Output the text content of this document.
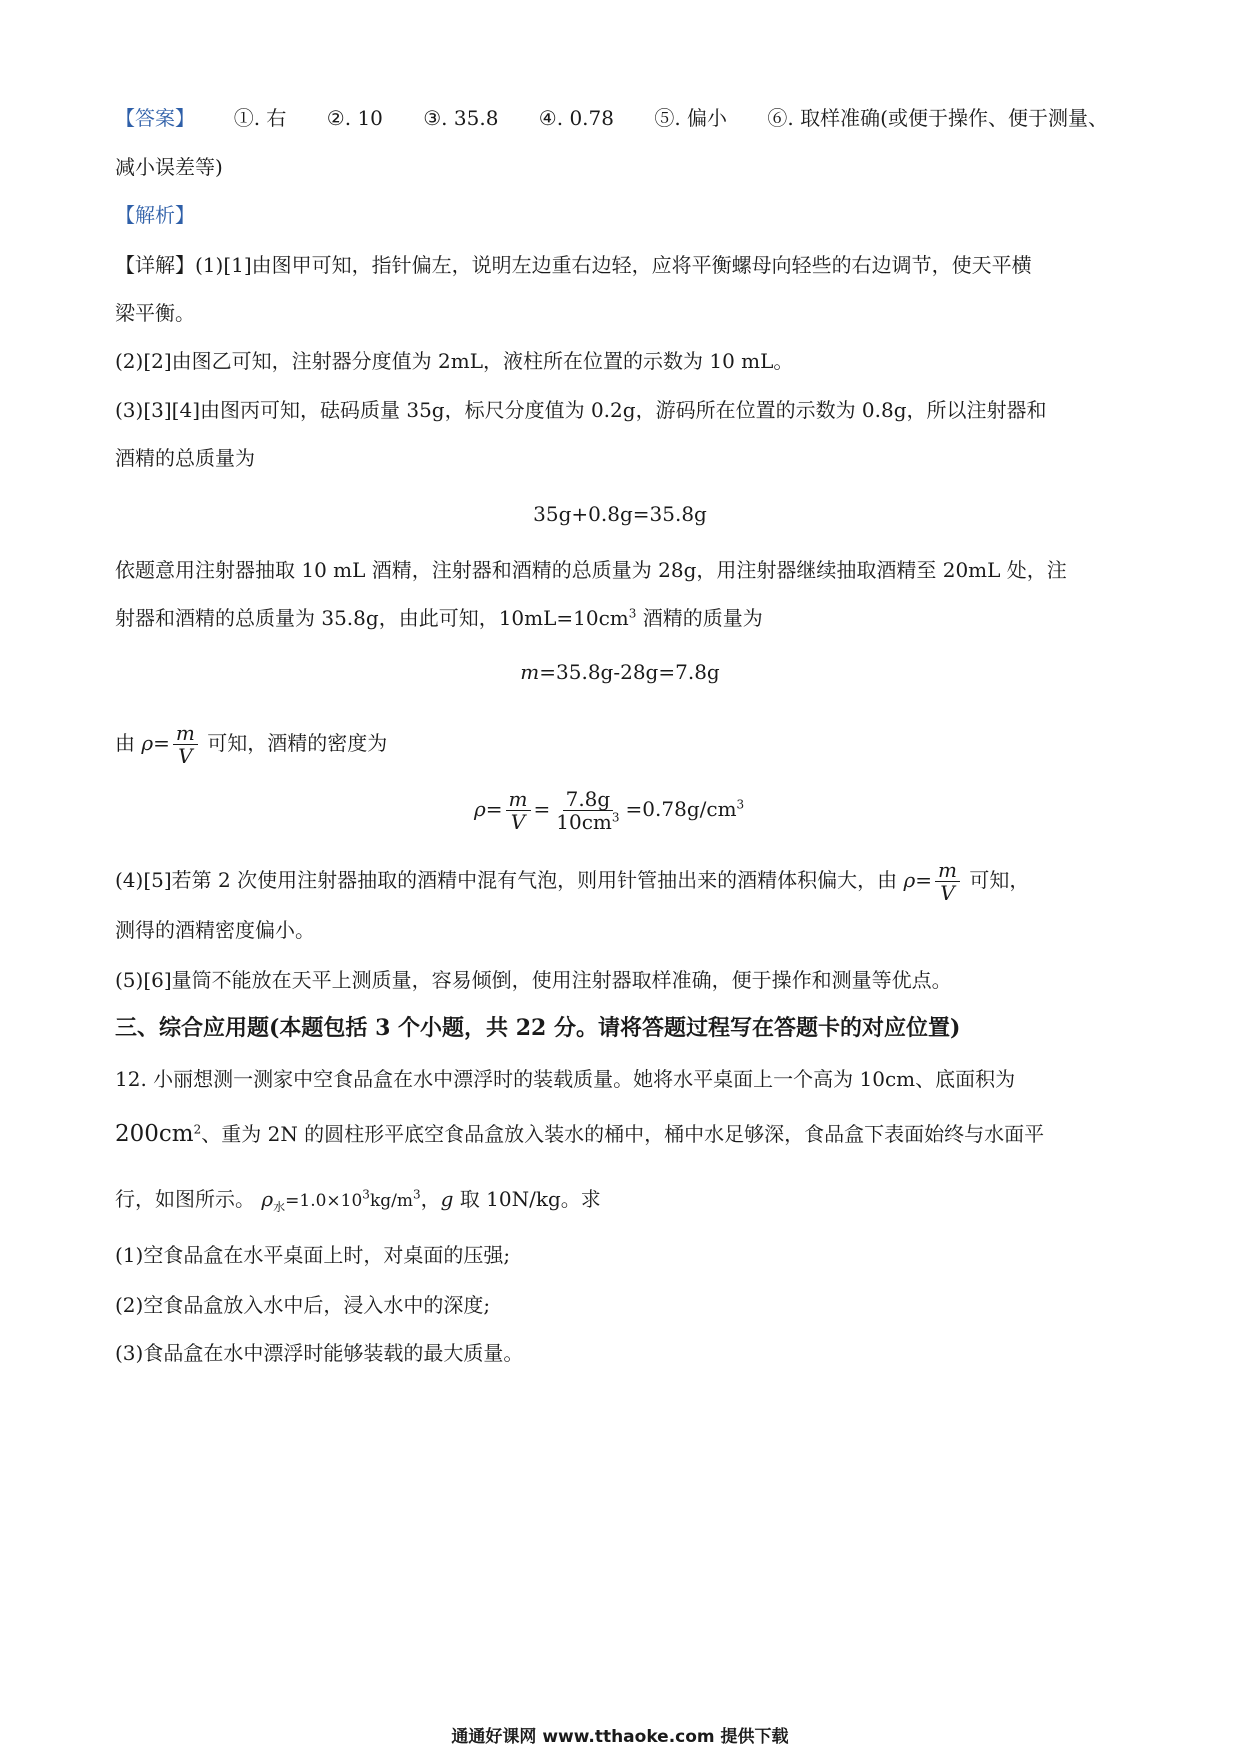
【答案】 ①. 右 ②. 10 ③. 35.8 ④. 0.78 ⑤. 偏小 ⑥. 取样准确(或便于操作、便于测量、
减小误差等)
【解析】
【详解】(1)[1]由图甲可知，指针偏左，说明左边重右边轻，应将平衡螺母向轻些的右边调节，使天平横
梁平衡。
(2)[2]由图乙可知，注射器分度值为 2mL，液柱所在位置的示数为 10 mL。
(3)[3][4]由图丙可知，砝码质量 35g，标尺分度值为 0.2g，游码所在位置的示数为 0.8g，所以注射器和
酒精的总质量为
35g+0.8g=35.8g
依题意用注射器抽取 10 mL 酒精，注射器和酒精的总质量为 28g，用注射器继续抽取酒精至 20mL 处，注
射器和酒精的总质量为 35.8g，由此可知，$10mL=10cm^3$ 酒精的质量为
m=35.8g-28g=7.8g
由 $\rho= \frac{m}{V}$ 可知，酒精的密度为
$\rho= \frac{m}{V} = \frac{7.8g}{10cm^3} =0.78g/cm^3$
(4)[5]若第 2 次使用注射器抽取的酒精中混有气泡，则用针管抽出来的酒精体积偏大，由 $\rho= \frac{m}{V}$ 可知，
测得的酒精密度偏小。
(5)[6]量筒不能放在天平上测质量，容易倾倒，使用注射器取样准确，便于操作和测量等优点。
三、综合应用题(本题包括 3 个小题，共 22 分。请将答题过程写在答题卡的对应位置)
12. 小丽想测一测家中空食品盒在水中漂浮时的装载质量。她将水平桌面上一个高为 10cm、底面积为
$200cm^2$、重为 2N 的圆柱形平底空食品盒放入装水的桶中，桶中水足够深，食品盒下表面始终与水面平
行，如图所示。 $\rho_水=1.0\times 10^3kg/m^3$，g 取 10N/kg。求
(1)空食品盒在水平桌面上时，对桌面的压强;
(2)空食品盒放入水中后，浸入水中的深度;
(3)食品盒在水中漂浮时能够装载的最大质量。
通通好课网 www.tthaoke.com 提供下载
